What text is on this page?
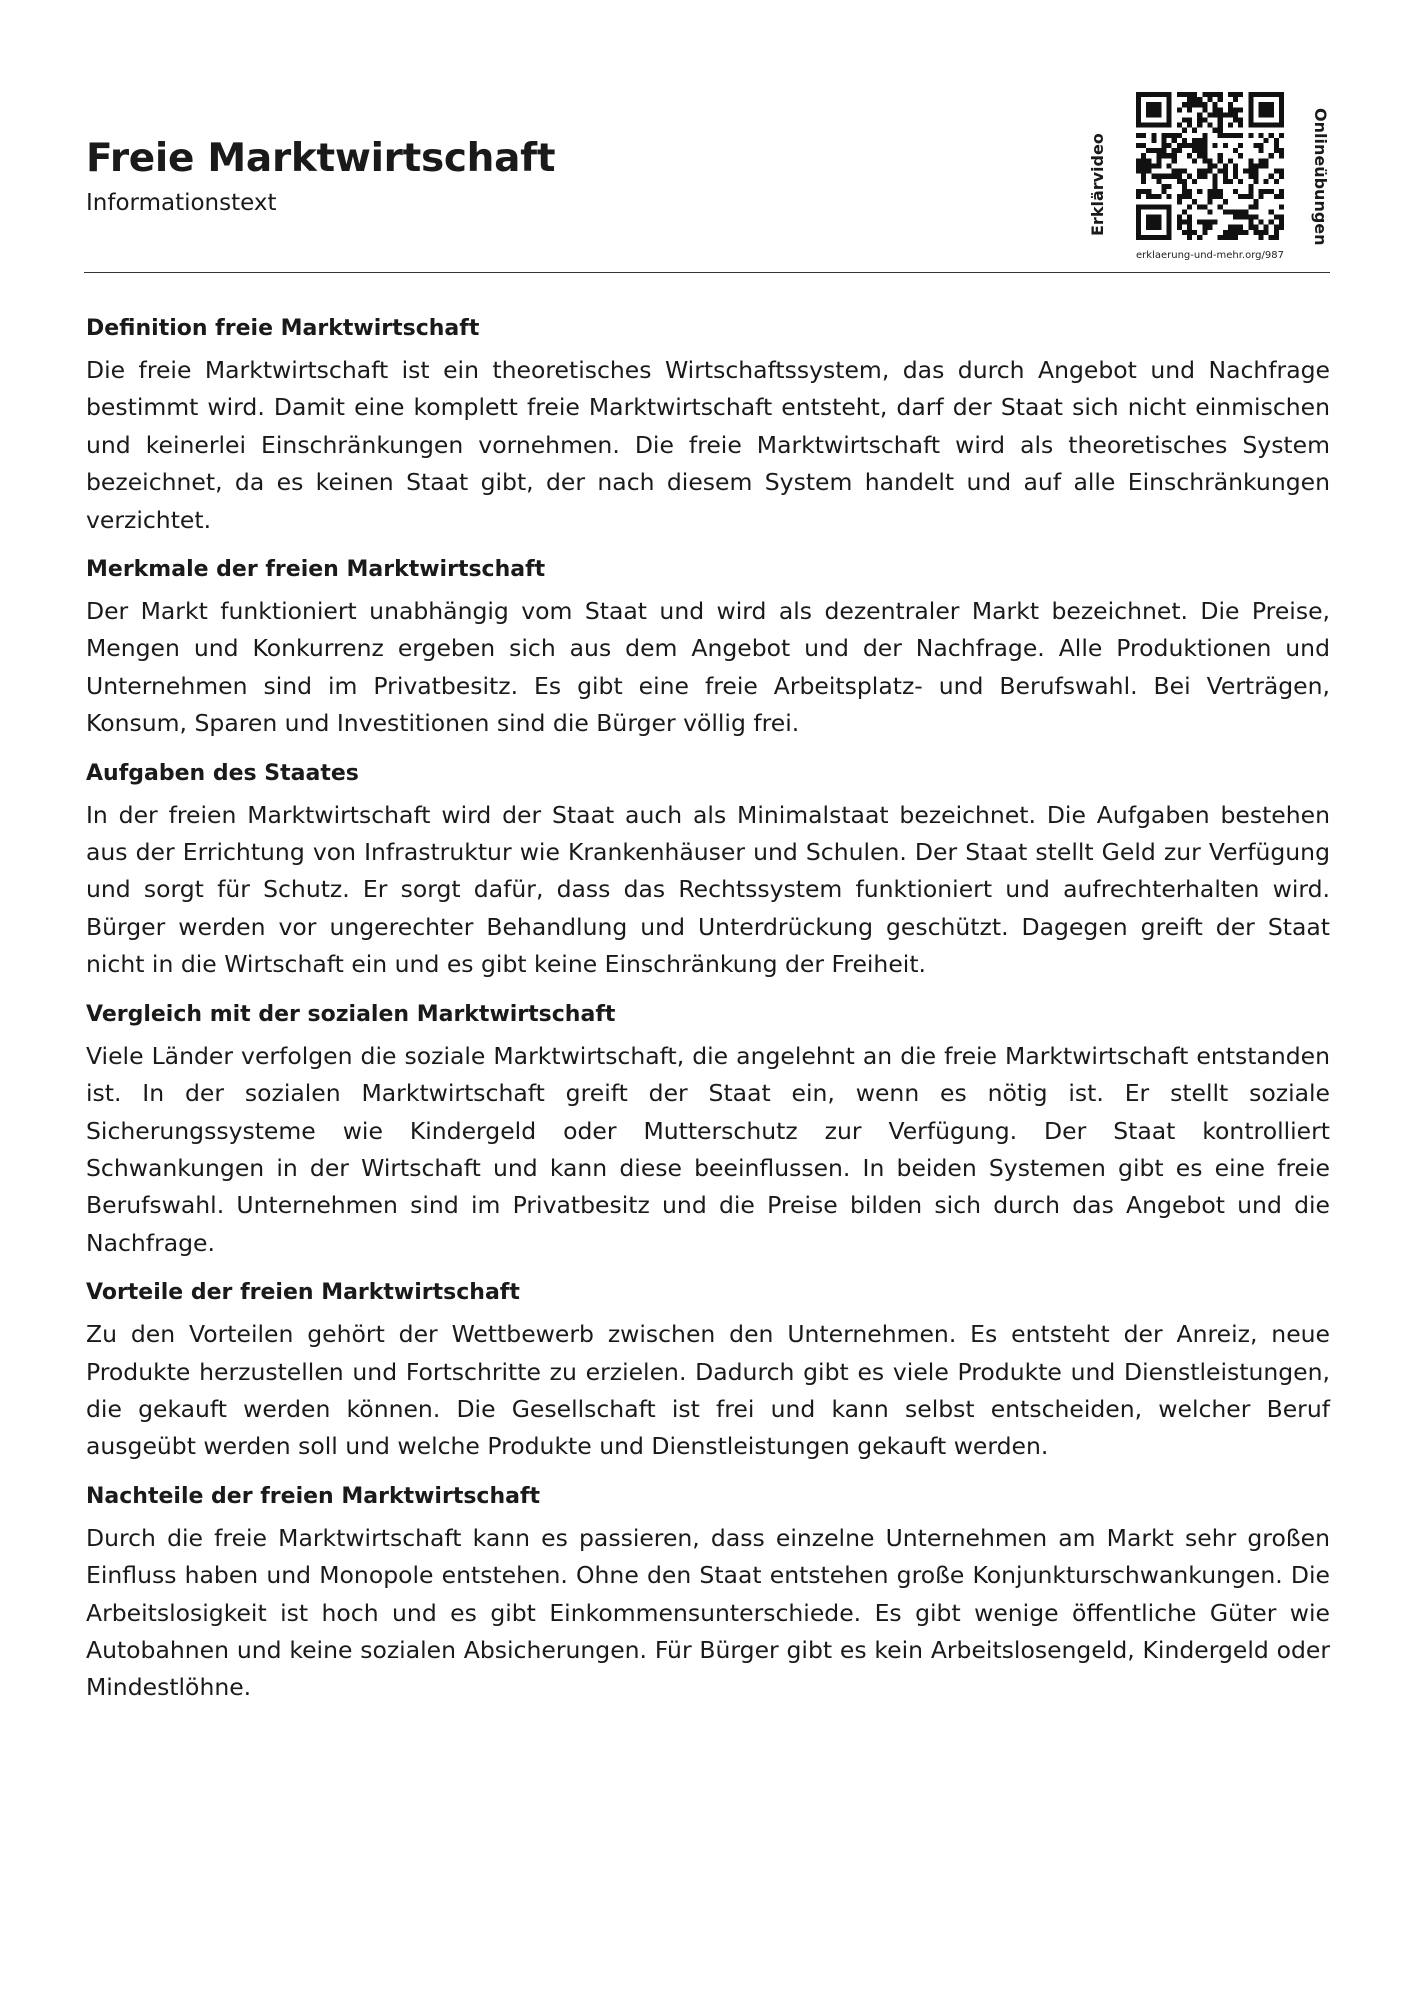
Freie Marktwirtschaft
Informationstext	Erklärvideo	Onlineübungen
erklaerung-und-mehr.org/987
Definition freie Marktwirtschaft
Die freie Marktwirtschaft ist ein theoretisches Wirtschaftssystem, das durch Angebot und Nachfrage bestimmt wird. Damit eine komplett freie Marktwirtschaft entsteht, darf der Staat sich nicht einmischen und keinerlei Einschränkungen vornehmen. Die freie Marktwirtschaft wird als theoretisches System bezeichnet, da es keinen Staat gibt, der nach diesem System handelt und auf alle Einschränkungen verzichtet.
Merkmale der freien Marktwirtschaft
Der Markt funktioniert unabhängig vom Staat und wird als dezentraler Markt bezeichnet. Die Preise, Mengen und Konkurrenz ergeben sich aus dem Angebot und der Nachfrage. Alle Produktionen und Unternehmen sind im Privatbesitz. Es gibt eine freie Arbeitsplatz- und Berufswahl. Bei Verträgen, Konsum, Sparen und Investitionen sind die Bürger völlig frei.
Aufgaben des Staates
In der freien Marktwirtschaft wird der Staat auch als Minimalstaat bezeichnet. Die Aufgaben bestehen aus der Errichtung von Infrastruktur wie Krankenhäuser und Schulen. Der Staat stellt Geld zur Verfügung und sorgt für Schutz. Er sorgt dafür, dass das Rechtssystem funktioniert und aufrechterhalten wird. Bürger werden vor ungerechter Behandlung und Unterdrückung geschützt. Dagegen greift der Staat nicht in die Wirtschaft ein und es gibt keine Einschränkung der Freiheit.
Vergleich mit der sozialen Marktwirtschaft
Viele Länder verfolgen die soziale Marktwirtschaft, die angelehnt an die freie Marktwirtschaft entstanden ist. In der sozialen Marktwirtschaft greift der Staat ein, wenn es nötig ist. Er stellt soziale Sicherungssysteme wie Kindergeld oder Mutterschutz zur Verfügung. Der Staat kontrolliert Schwankungen in der Wirtschaft und kann diese beeinflussen. In beiden Systemen gibt es eine freie Berufswahl. Unternehmen sind im Privatbesitz und die Preise bilden sich durch das Angebot und die Nachfrage.
Vorteile der freien Marktwirtschaft
Zu den Vorteilen gehört der Wettbewerb zwischen den Unternehmen. Es entsteht der Anreiz, neue Produkte herzustellen und Fortschritte zu erzielen. Dadurch gibt es viele Produkte und Dienstleistungen, die gekauft werden können. Die Gesellschaft ist frei und kann selbst entscheiden, welcher Beruf ausgeübt werden soll und welche Produkte und Dienstleistungen gekauft werden.
Nachteile der freien Marktwirtschaft
Durch die freie Marktwirtschaft kann es passieren, dass einzelne Unternehmen am Markt sehr großen Einfluss haben und Monopole entstehen. Ohne den Staat entstehen große Konjunkturschwankungen. Die Arbeitslosigkeit ist hoch und es gibt Einkommensunterschiede. Es gibt wenige öffentliche Güter wie Autobahnen und keine sozialen Absicherungen. Für Bürger gibt es kein Arbeitslosengeld, Kindergeld oder Mindestlöhne.
